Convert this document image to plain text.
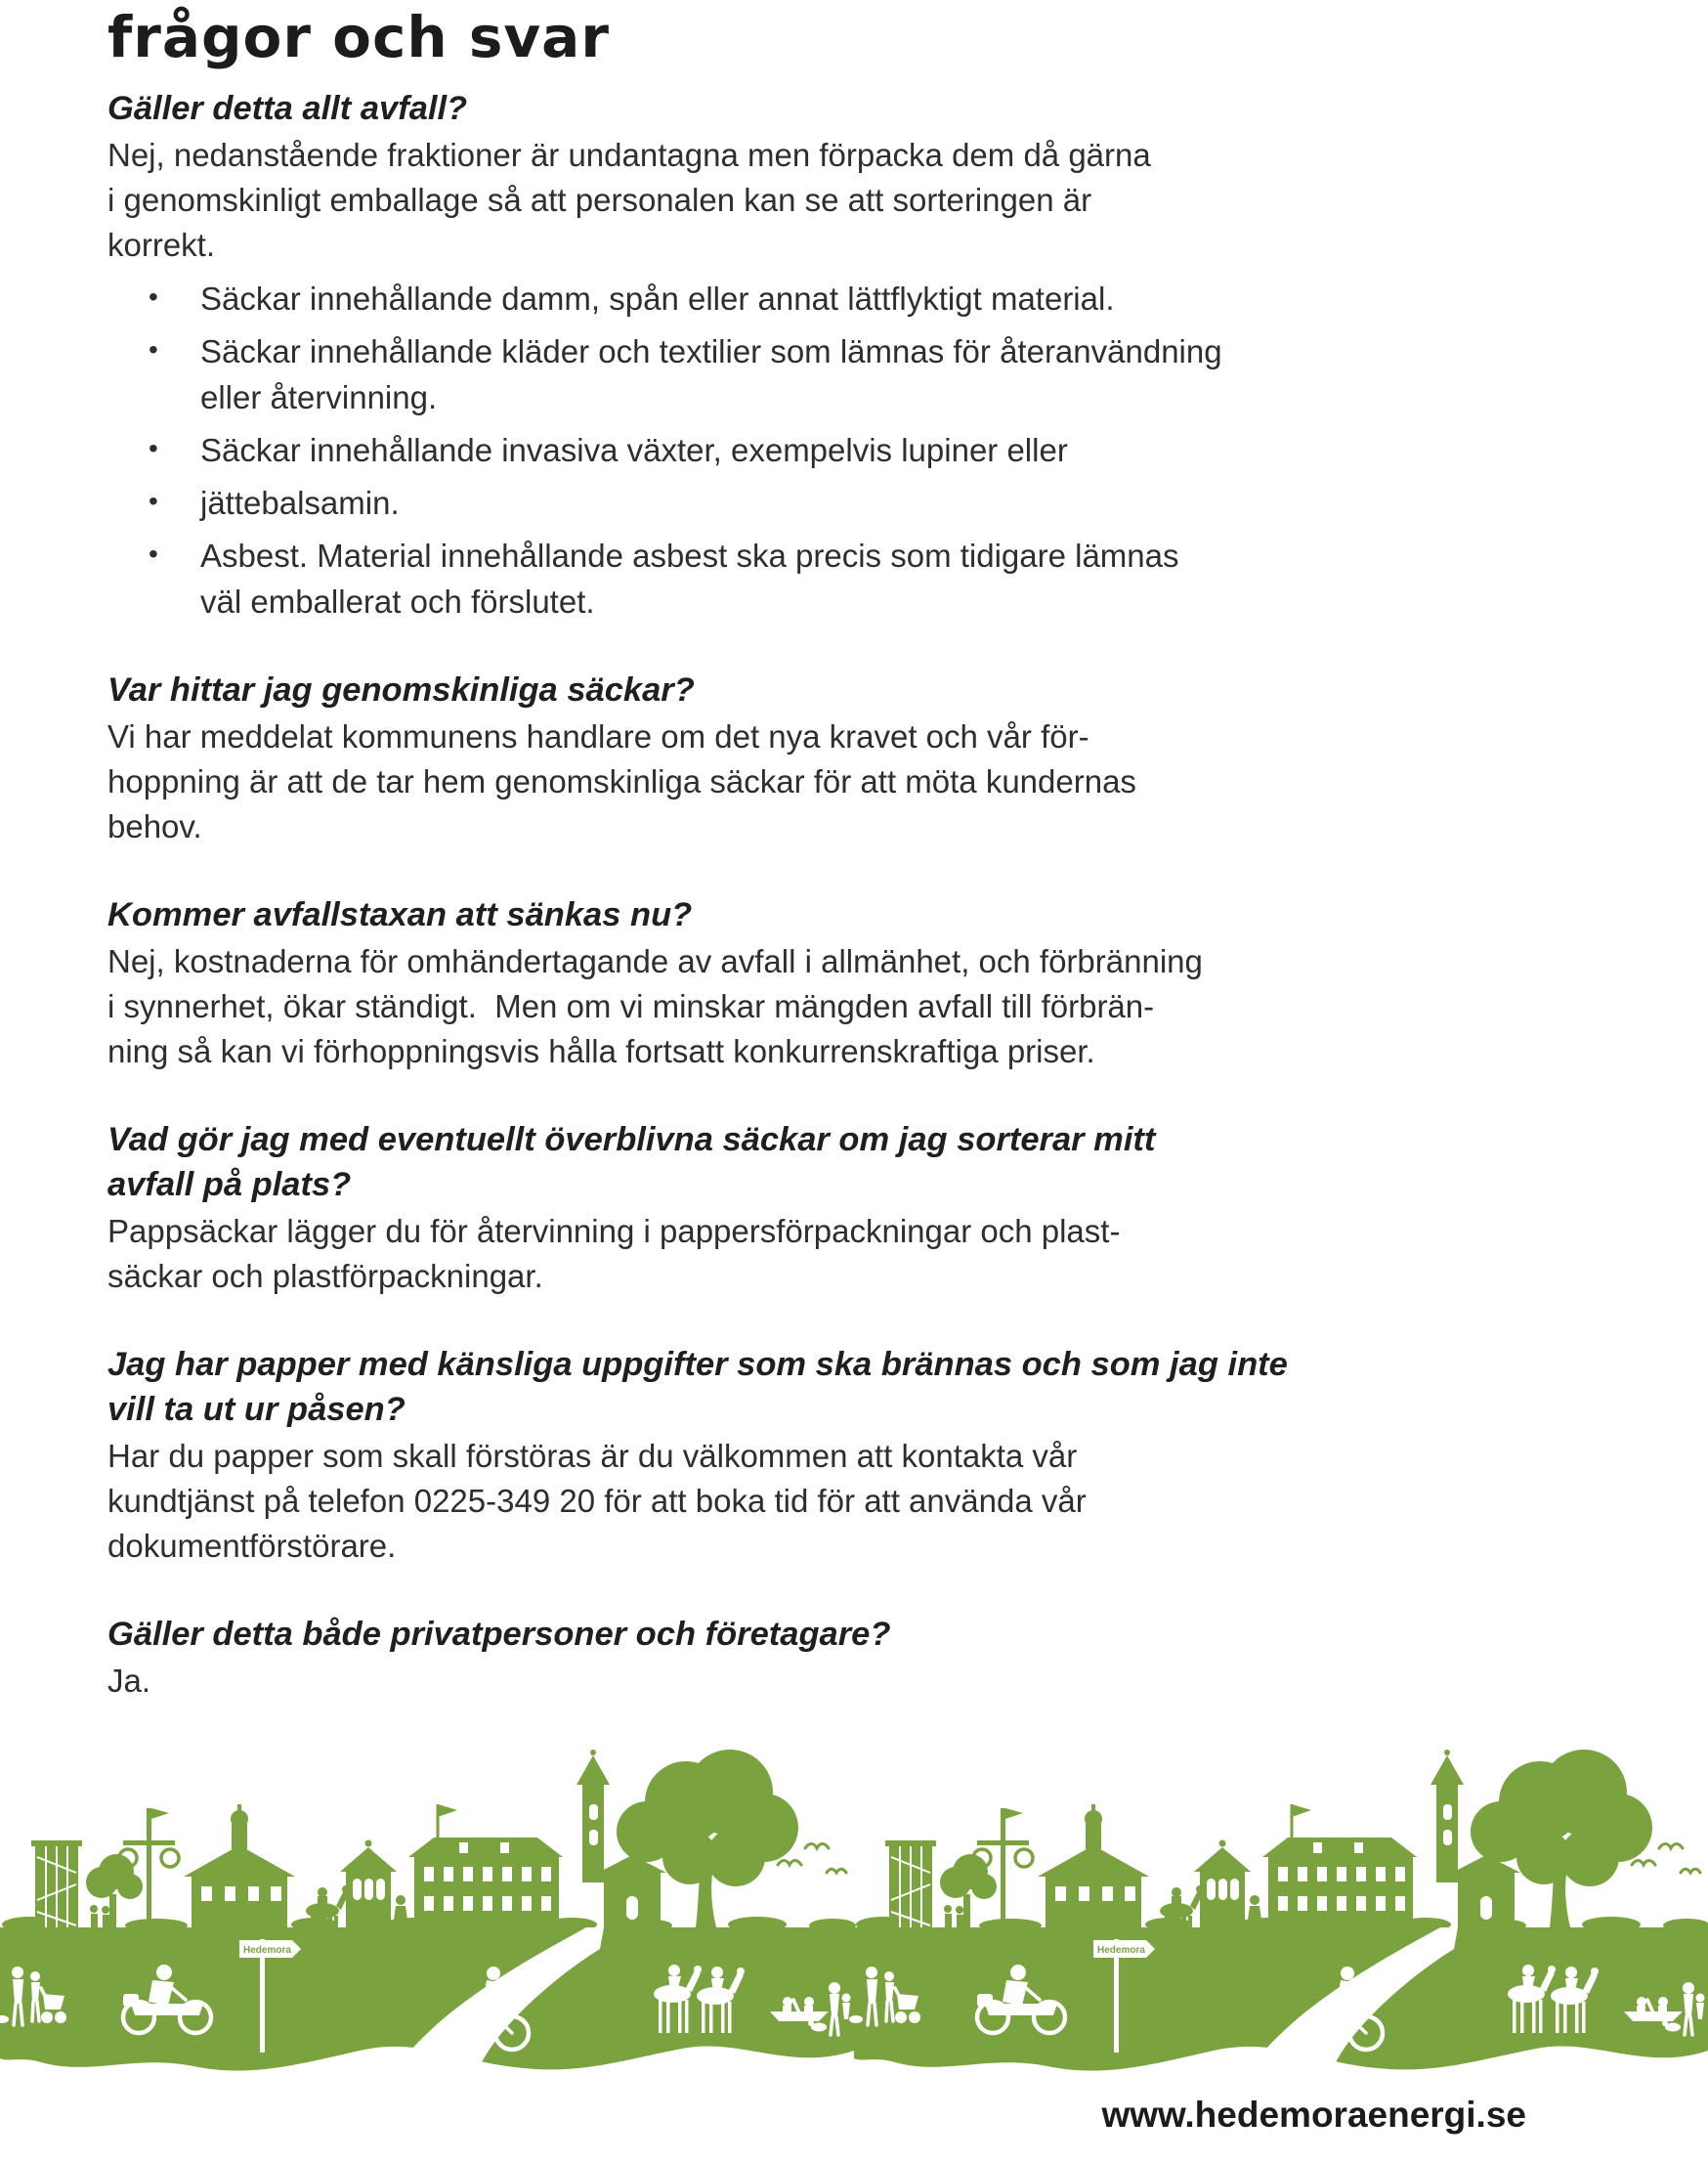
frågor och svar
Gäller detta allt avfall?
Nej, nedanstående fraktioner är undantagna men förpacka dem då gärna
i genomskinligt emballage så att personalen kan se att sorteringen är
korrekt.
• Säckar innehållande damm, spån eller annat lättflyktigt material.
• Säckar innehållande kläder och textilier som lämnas för återanvändning
eller återvinning.
• Säckar innehållande invasiva växter, exempelvis lupiner eller
• jättebalsamin.
• Asbest. Material innehållande asbest ska precis som tidigare lämnas
väl emballerat och förslutet.
Var hittar jag genomskinliga säckar?
Vi har meddelat kommunens handlare om det nya kravet och vår för-
hoppning är att de tar hem genomskinliga säckar för att möta kundernas
behov.
Kommer avfallstaxan att sänkas nu?
Nej, kostnaderna för omhändertagande av avfall i allmänhet, och förbränning
i synnerhet, ökar ständigt.  Men om vi minskar mängden avfall till förbrän-
ning så kan vi förhoppningsvis hålla fortsatt konkurrenskraftiga priser.
Vad gör jag med eventuellt överblivna säckar om jag sorterar mitt
avfall på plats?
Pappsäckar lägger du för återvinning i pappersförpackningar och plast-
säckar och plastförpackningar.
Jag har papper med känsliga uppgifter som ska brännas och som jag inte
vill ta ut ur påsen?
Har du papper som skall förstöras är du välkommen att kontakta vår
kundtjänst på telefon 0225-349 20 för att boka tid för att använda vår
dokumentförstörare.
Gäller detta både privatpersoner och företagare?
Ja.
www.hedemoraenergi.se
